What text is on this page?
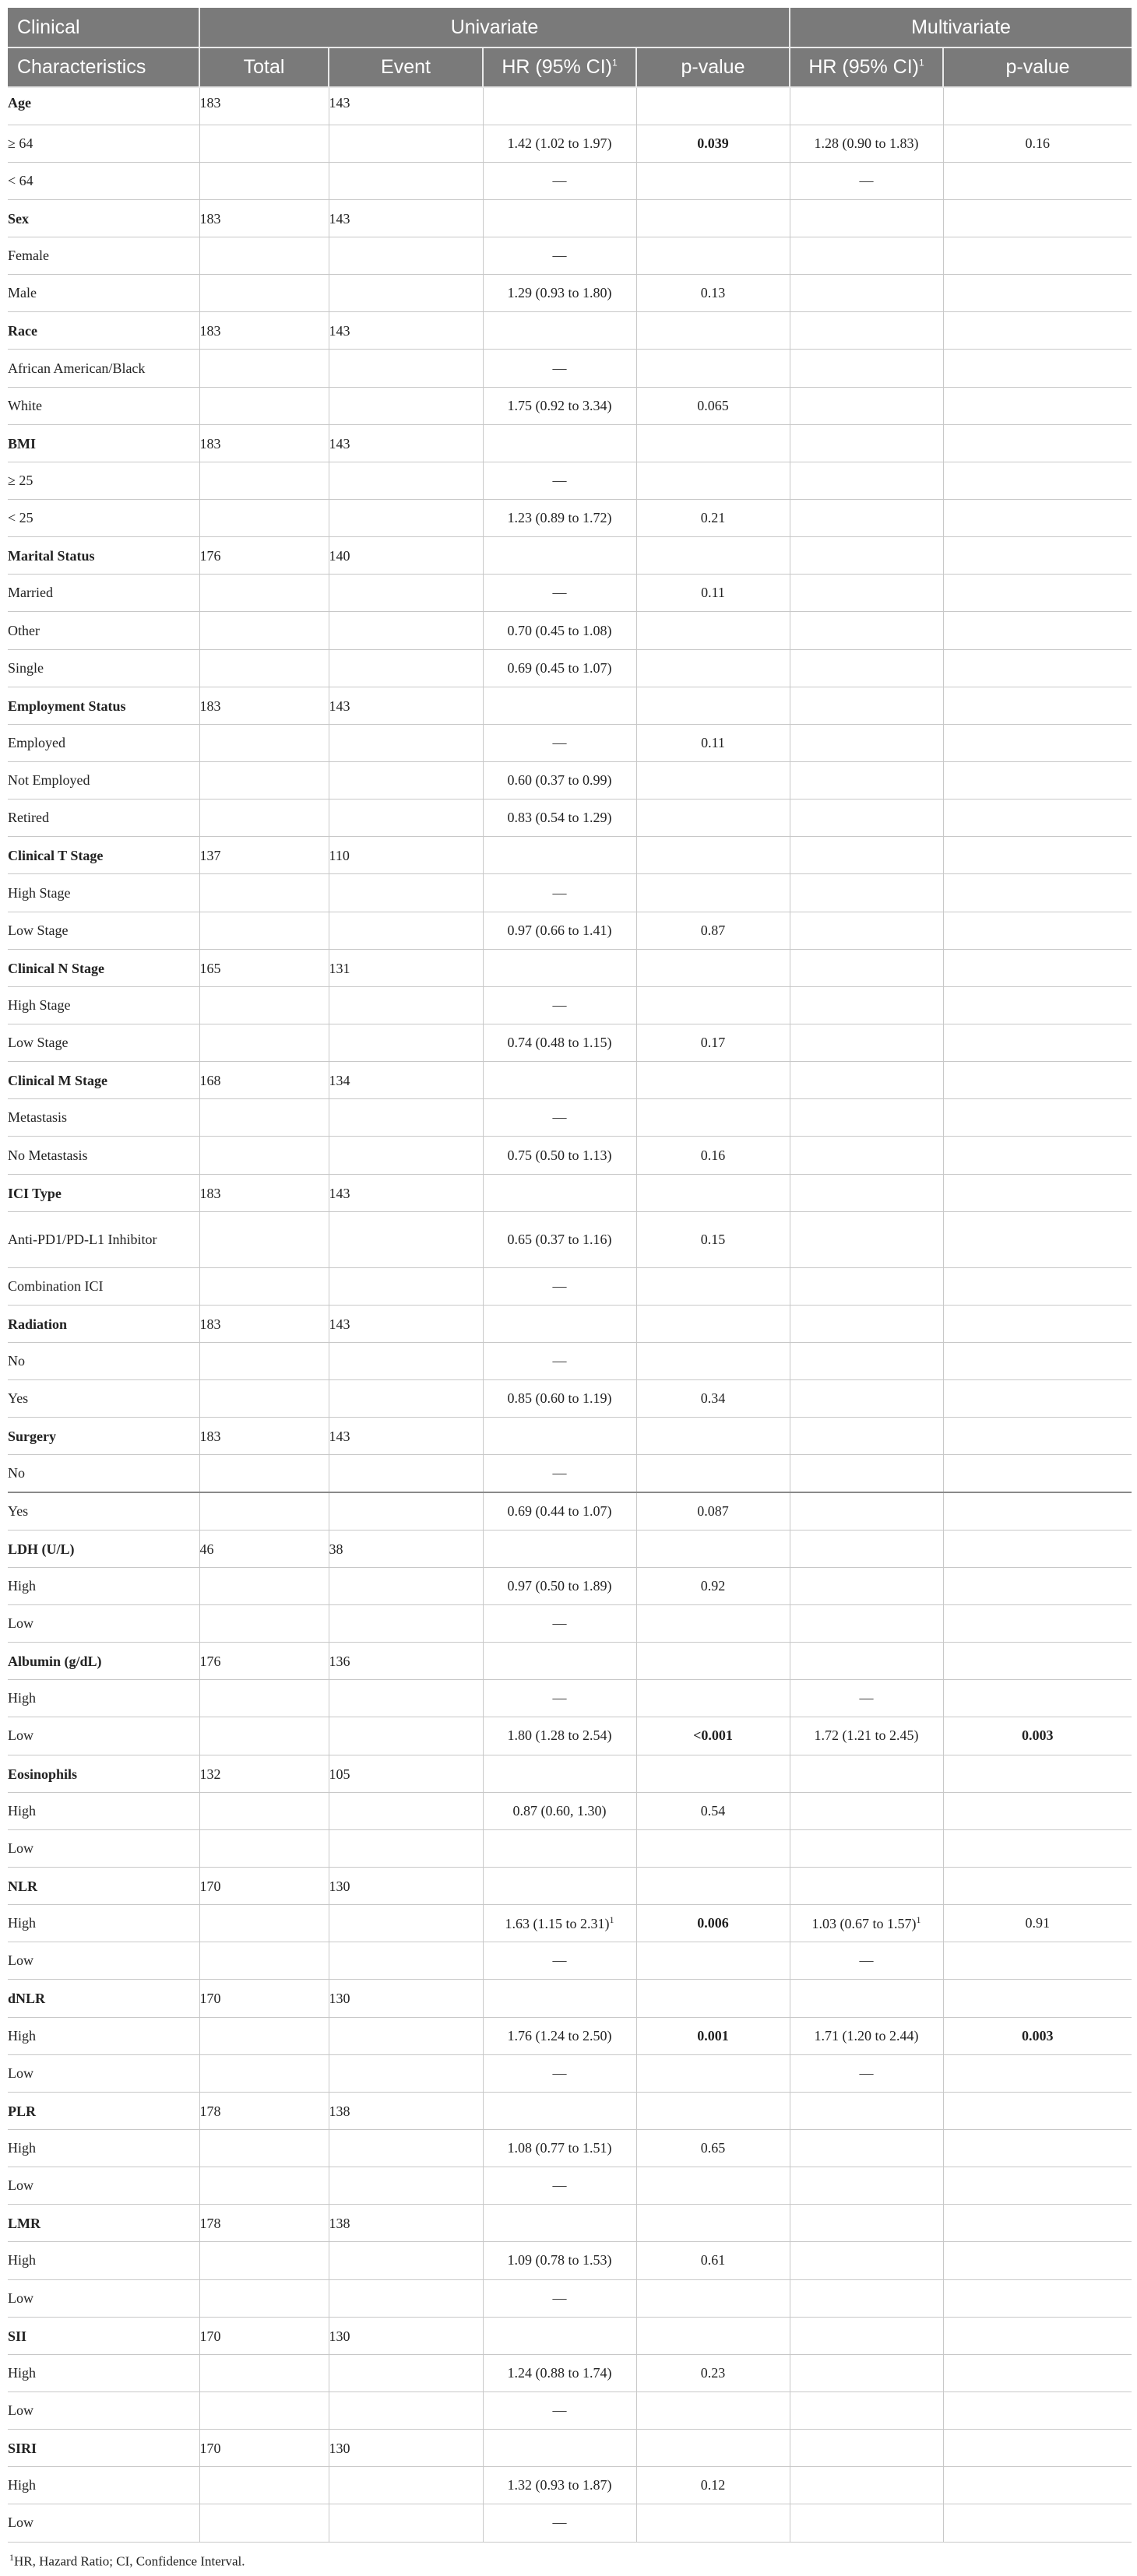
Clinical	Univariate				Multivariate	
Characteristics	Total	Event	HR (95% CI)$^1$	p-value	HR (95% CI)$^1$	p-value
Age	183	143				
≥ 64			1.42 (1.02 to 1.97)	0.039	1.28 (0.90 to 1.83)	0.16
< 64			—		—	
Sex	183	143				
Female			—			
Male			1.29 (0.93 to 1.80)	0.13		
Race	183	143				
African American/Black			—			
White			1.75 (0.92 to 3.34)	0.065		
BMI	183	143				
≥ 25			—			
< 25			1.23 (0.89 to 1.72)	0.21		
Marital Status	176	140				
Married			—	0.11		
Other			0.70 (0.45 to 1.08)			
Single			0.69 (0.45 to 1.07)			
Employment Status	183	143				
Employed			—	0.11		
Not Employed			0.60 (0.37 to 0.99)			
Retired			0.83 (0.54 to 1.29)			
Clinical T Stage	137	110				
High Stage			—			
Low Stage			0.97 (0.66 to 1.41)	0.87		
Clinical N Stage	165	131				
High Stage			—			
Low Stage			0.74 (0.48 to 1.15)	0.17		
Clinical M Stage	168	134				
Metastasis			—			
No Metastasis			0.75 (0.50 to 1.13)	0.16		
ICI Type	183	143				
Anti-PD1/PD-L1 Inhibitor			0.65 (0.37 to 1.16)	0.15		
Combination ICI			—			
Radiation	183	143				
No			—			
Yes			0.85 (0.60 to 1.19)	0.34		
Surgery	183	143				
No			—			
Yes			0.69 (0.44 to 1.07)	0.087		
LDH (U/L)	46	38				
High			0.97 (0.50 to 1.89)	0.92		
Low			—			
Albumin (g/dL)	176	136				
High			—		—	
Low			1.80 (1.28 to 2.54)	<0.001	1.72 (1.21 to 2.45)	0.003
Eosinophils	132	105				
High			0.87 (0.60, 1.30)	0.54		
Low						
NLR	170	130				
High			1.63 (1.15 to 2.31)$^1$	0.006	1.03 (0.67 to 1.57)$^1$	0.91
Low			—		—	
dNLR	170	130				
High			1.76 (1.24 to 2.50)	0.001	1.71 (1.20 to 2.44)	0.003
Low			—		—	
PLR	178	138				
High			1.08 (0.77 to 1.51)	0.65		
Low			—			
LMR	178	138				
High			1.09 (0.78 to 1.53)	0.61		
Low			—			
SII	170	130				
High			1.24 (0.88 to 1.74)	0.23		
Low			—			
SIRI	170	130				
High			1.32 (0.93 to 1.87)	0.12		
Low			—			
$^1$HR, Hazard Ratio; CI, Confidence Interval.
